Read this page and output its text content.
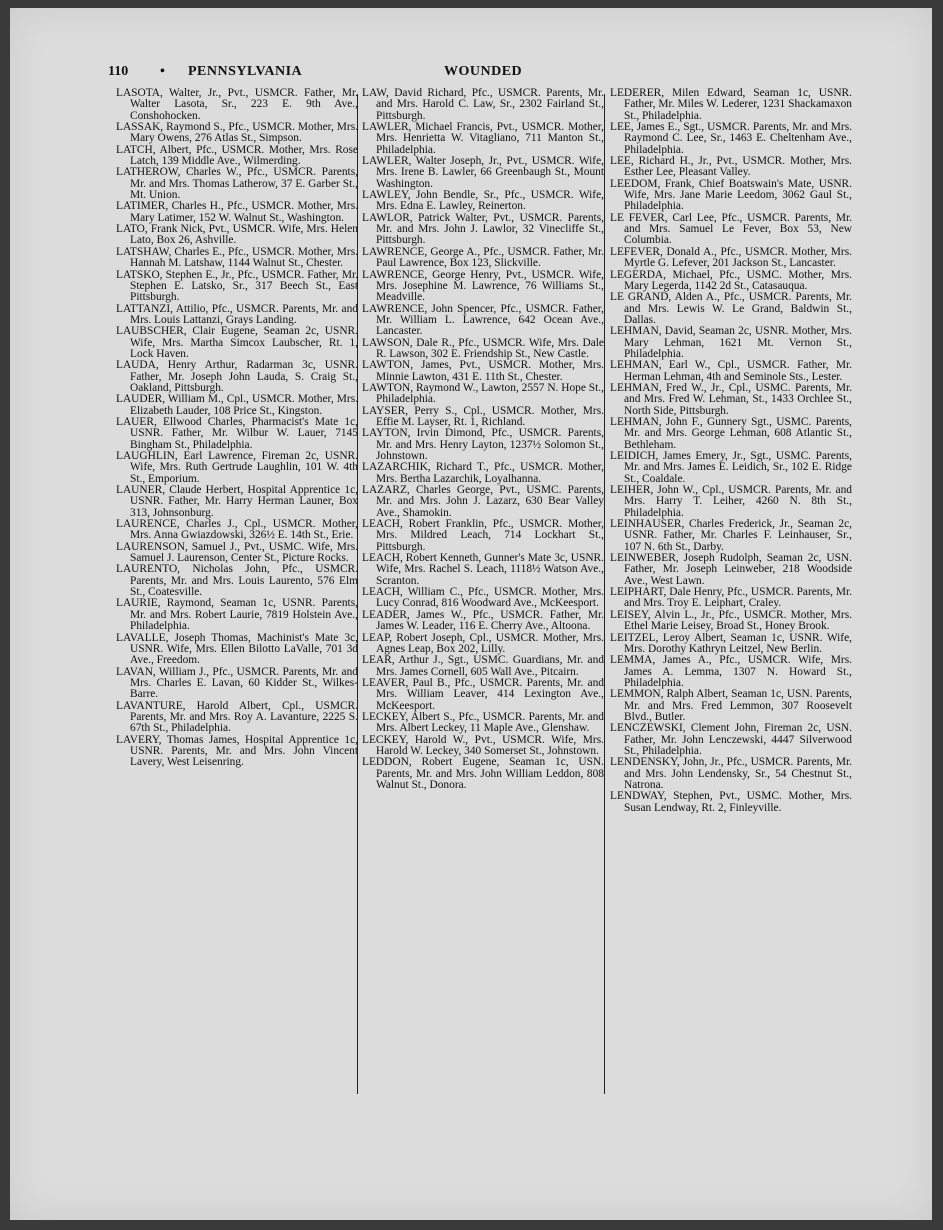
110 • PENNSYLVANIA	WOUNDED

LASOTA, Walter, Jr., Pvt., USMCR. Father, Mr. Walter Lasota, Sr., 223 E. 9th Ave., Conshohocken.

LASSAK, Raymond S., Pfc., USMCR. Mother, Mrs. Mary Owens, 276 Atlas St., Simpson.

LATCH, Albert, Pfc., USMCR. Mother, Mrs. Rose Latch, 139 Middle Ave., Wilmerding.

LATHEROW, Charles W., Pfc., USMCR. Parents, Mr. and Mrs. Thomas Latherow, 37 E. Garber St., Mt. Union.

LATIMER, Charles H., Pfc., USMCR. Mother, Mrs. Mary Latimer, 152 W. Walnut St., Washington.

LATO, Frank Nick, Pvt., USMCR. Wife, Mrs. Helen Lato, Box 26, Ashville.

LATSHAW, Charles E., Pfc., USMCR. Mother, Mrs. Hannah M. Latshaw, 1144 Walnut St., Chester.

LATSKO, Stephen E., Jr., Pfc., USMCR. Father, Mr. Stephen E. Latsko, Sr., 317 Beech St., East Pittsburgh.

LATTANZI, Attilio, Pfc., USMCR. Parents, Mr. and Mrs. Louis Lattanzi, Grays Landing.

LAUBSCHER, Clair Eugene, Seaman 2c, USNR. Wife, Mrs. Martha Simcox Laubscher, Rt. 1, Lock Haven.

LAUDA, Henry Arthur, Radarman 3c, USNR. Father, Mr. Joseph John Lauda, S. Craig St., Oakland, Pittsburgh.

LAUDER, William M., Cpl., USMCR. Mother, Mrs. Elizabeth Lauder, 108 Price St., Kingston.

LAUER, Ellwood Charles, Pharmacist's Mate 1c, USNR. Father, Mr. Wilbur W. Lauer, 7145 Bingham St., Philadelphia.

LAUGHLIN, Earl Lawrence, Fireman 2c, USNR. Wife, Mrs. Ruth Gertrude Laughlin, 101 W. 4th St., Emporium.

LAUNER, Claude Herbert, Hospital Apprentice 1c, USNR. Father, Mr. Harry Herman Launer, Box 313, Johnsonburg.

LAURENCE, Charles J., Cpl., USMCR. Mother, Mrs. Anna Gwiazdowski, 326½ E. 14th St., Erie.

LAURENSON, Samuel J., Pvt., USMC. Wife, Mrs. Samuel J. Laurenson, Center St., Picture Rocks.

LAURENTO, Nicholas John, Pfc., USMCR. Parents, Mr. and Mrs. Louis Laurento, 576 Elm St., Coatesville.

LAURIE, Raymond, Seaman 1c, USNR. Parents, Mr. and Mrs. Robert Laurie, 7819 Holstein Ave., Philadelphia.

LAVALLE, Joseph Thomas, Machinist's Mate 3c, USNR. Wife, Mrs. Ellen Bilotto LaValle, 701 3d Ave., Freedom.

LAVAN, William J., Pfc., USMCR. Parents, Mr. and Mrs. Charles E. Lavan, 60 Kidder St., Wilkes-Barre.

LAVANTURE, Harold Albert, Cpl., USMCR. Parents, Mr. and Mrs. Roy A. Lavanture, 2225 S. 67th St., Philadelphia.

LAVERY, Thomas James, Hospital Apprentice 1c, USNR. Parents, Mr. and Mrs. John Vincent Lavery, West Leisenring.

LAW, David Richard, Pfc., USMCR. Parents, Mr. and Mrs. Harold C. Law, Sr., 2302 Fairland St., Pittsburgh.

LAWLER, Michael Francis, Pvt., USMCR. Mother, Mrs. Henrietta W. Vitagliano, 711 Manton St., Philadelphia.

LAWLER, Walter Joseph, Jr., Pvt., USMCR. Wife, Mrs. Irene B. Lawler, 66 Greenbaugh St., Mount Washington.

LAWLEY, John Bendle, Sr., Pfc., USMCR. Wife, Mrs. Edna E. Lawley, Reinerton.

LAWLOR, Patrick Walter, Pvt., USMCR. Parents, Mr. and Mrs. John J. Lawlor, 32 Vinecliffe St., Pittsburgh.

LAWRENCE, George A., Pfc., USMCR. Father, Mr. Paul Lawrence, Box 123, Slickville.

LAWRENCE, George Henry, Pvt., USMCR. Wife, Mrs. Josephine M. Lawrence, 76 Williams St., Meadville.

LAWRENCE, John Spencer, Pfc., USMCR. Father, Mr. William L. Lawrence, 642 Ocean Ave., Lancaster.

LAWSON, Dale R., Pfc., USMCR. Wife, Mrs. Dale R. Lawson, 302 E. Friendship St., New Castle.

LAWTON, James, Pvt., USMCR. Mother, Mrs. Minnie Lawton, 431 E. 11th St., Chester.

LAWTON, Raymond W., Lawton, 2557 N. Hope St., Philadelphia.

LAYSER, Perry S., Cpl., USMCR. Mother, Mrs. Effie M. Layser, Rt. 1, Richland.

LAYTON, Irvin Dimond, Pfc., USMCR. Parents, Mr. and Mrs. Henry Layton, 1237½ Solomon St., Johnstown.

LAZARCHIK, Richard T., Pfc., USMCR. Mother, Mrs. Bertha Lazarchik, Loyalhanna.

LAZARZ, Charles George, Pvt., USMC. Parents, Mr. and Mrs. John J. Lazarz, 630 Bear Valley Ave., Shamokin.

LEACH, Robert Franklin, Pfc., USMCR. Mother, Mrs. Mildred Leach, 714 Lockhart St., Pittsburgh.

LEACH, Robert Kenneth, Gunner's Mate 3c, USNR. Wife, Mrs. Rachel S. Leach, 1118½ Watson Ave., Scranton.

LEACH, William C., Pfc., USMCR. Mother, Mrs. Lucy Conrad, 816 Woodward Ave., McKeesport.

LEADER, James W., Pfc., USMCR. Father, Mr. James W. Leader, 116 E. Cherry Ave., Altoona.

LEAP, Robert Joseph, Cpl., USMCR. Mother, Mrs. Agnes Leap, Box 202, Lilly.

LEAR, Arthur J., Sgt., USMC. Guardians, Mr. and Mrs. James Cornell, 605 Wall Ave., Pitcairn.

LEAVER, Paul B., Pfc., USMCR. Parents, Mr. and Mrs. William Leaver, 414 Lexington Ave., McKeesport.

LECKEY, Albert S., Pfc., USMCR. Parents, Mr. and Mrs. Albert Leckey, 11 Maple Ave., Glenshaw.

LECKEY, Harold W., Pvt., USMCR. Wife, Mrs. Harold W. Leckey, 340 Somerset St., Johnstown.

LEDDON, Robert Eugene, Seaman 1c, USN. Parents, Mr. and Mrs. John William Leddon, 808 Walnut St., Donora.

LEDERER, Milen Edward, Seaman 1c, USNR. Father, Mr. Miles W. Lederer, 1231 Shackamaxon St., Philadelphia.

LEE, James E., Sgt., USMCR. Parents, Mr. and Mrs. Raymond C. Lee, Sr., 1463 E. Cheltenham Ave., Philadelphia.

LEE, Richard H., Jr., Pvt., USMCR. Mother, Mrs. Esther Lee, Pleasant Valley.

LEEDOM, Frank, Chief Boatswain's Mate, USNR. Wife, Mrs. Jane Marie Leedom, 3062 Gaul St., Philadelphia.

LE FEVER, Carl Lee, Pfc., USMCR. Parents, Mr. and Mrs. Samuel Le Fever, Box 53, New Columbia.

LEFEVER, Donald A., Pfc., USMCR. Mother, Mrs. Myrtle G. Lefever, 201 Jackson St., Lancaster.

LEGERDA, Michael, Pfc., USMC. Mother, Mrs. Mary Legerda, 1142 2d St., Catasauqua.

LE GRAND, Alden A., Pfc., USMCR. Parents, Mr. and Mrs. Lewis W. Le Grand, Baldwin St., Dallas.

LEHMAN, David, Seaman 2c, USNR. Mother, Mrs. Mary Lehman, 1621 Mt. Vernon St., Philadelphia.

LEHMAN, Earl W., Cpl., USMCR. Father, Mr. Herman Lehman, 4th and Seminole Sts., Lester.

LEHMAN, Fred W., Jr., Cpl., USMC. Parents, Mr. and Mrs. Fred W. Lehman, St., 1433 Orchlee St., North Side, Pittsburgh.

LEHMAN, John F., Gunnery Sgt., USMC. Parents, Mr. and Mrs. George Lehman, 608 Atlantic St., Bethleham.

LEIDICH, James Emery, Jr., Sgt., USMC. Parents, Mr. and Mrs. James E. Leidich, Sr., 102 E. Ridge St., Coaldale.

LEIHER, John W., Cpl., USMCR. Parents, Mr. and Mrs. Harry T. Leiher, 4260 N. 8th St., Philadelphia.

LEINHAUSER, Charles Frederick, Jr., Seaman 2c, USNR. Father, Mr. Charles F. Leinhauser, Sr., 107 N. 6th St., Darby.

LEINWEBER, Joseph Rudolph, Seaman 2c, USN. Father, Mr. Joseph Leinweber, 218 Woodside Ave., West Lawn.

LEIPHART, Dale Henry, Pfc., USMCR. Parents, Mr. and Mrs. Troy E. Leiphart, Craley.

LEISEY, Alvin L., Jr., Pfc., USMCR. Mother, Mrs. Ethel Marie Leisey, Broad St., Honey Brook.

LEITZEL, Leroy Albert, Seaman 1c, USNR. Wife, Mrs. Dorothy Kathryn Leitzel, New Berlin.

LEMMA, James A., Pfc., USMCR. Wife, Mrs. James A. Lemma, 1307 N. Howard St., Philadelphia.

LEMMON, Ralph Albert, Seaman 1c, USN. Parents, Mr. and Mrs. Fred Lemmon, 307 Roosevelt Blvd., Butler.

LENCZEWSKI, Clement John, Fireman 2c, USN. Father, Mr. John Lenczewski, 4447 Silverwood St., Philadelphia.

LENDENSKY, John, Jr., Pfc., USMCR. Parents, Mr. and Mrs. John Lendensky, Sr., 54 Chestnut St., Natrona.

LENDWAY, Stephen, Pvt., USMC. Mother, Mrs. Susan Lendway, Rt. 2, Finleyville.
